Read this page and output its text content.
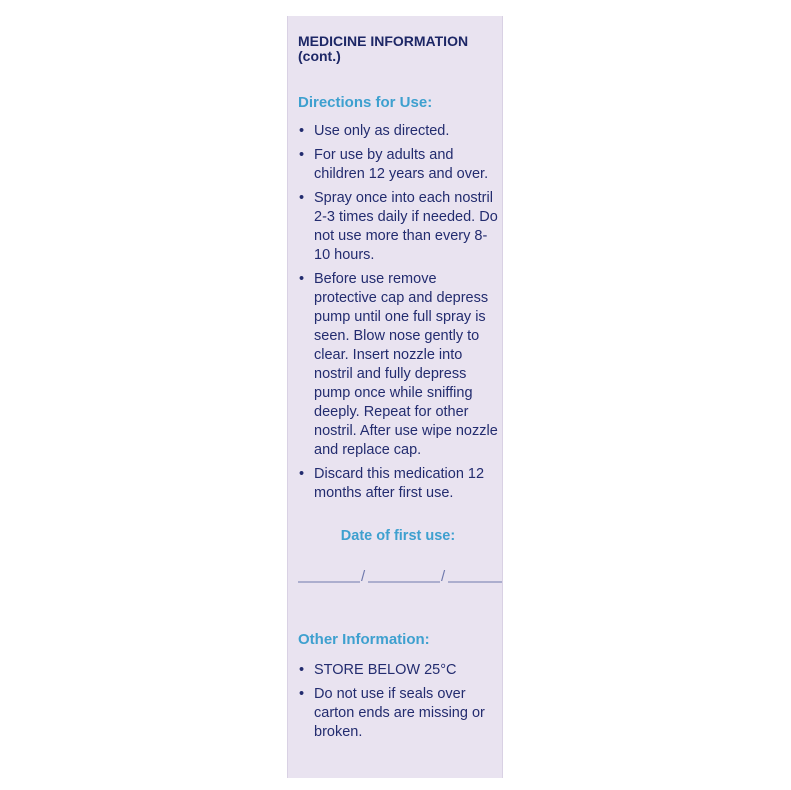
MEDICINE INFORMATION
(cont.)
Directions for Use:
• Use only as directed.
• For use by adults and children 12 years and over.
• Spray once into each nostril 2-3 times daily if needed. Do not use more than every 8-10 hours.
• Before use remove protective cap and depress pump until one full spray is seen. Blow nose gently to clear. Insert nozzle into nostril and fully depress pump once while sniffing deeply. Repeat for other nostril. After use wipe nozzle and replace cap.
• Discard this medication 12 months after first use.
Date of first use:
/	/
Other Information:
• STORE BELOW 25°C
• Do not use if seals over carton ends are missing or broken.
